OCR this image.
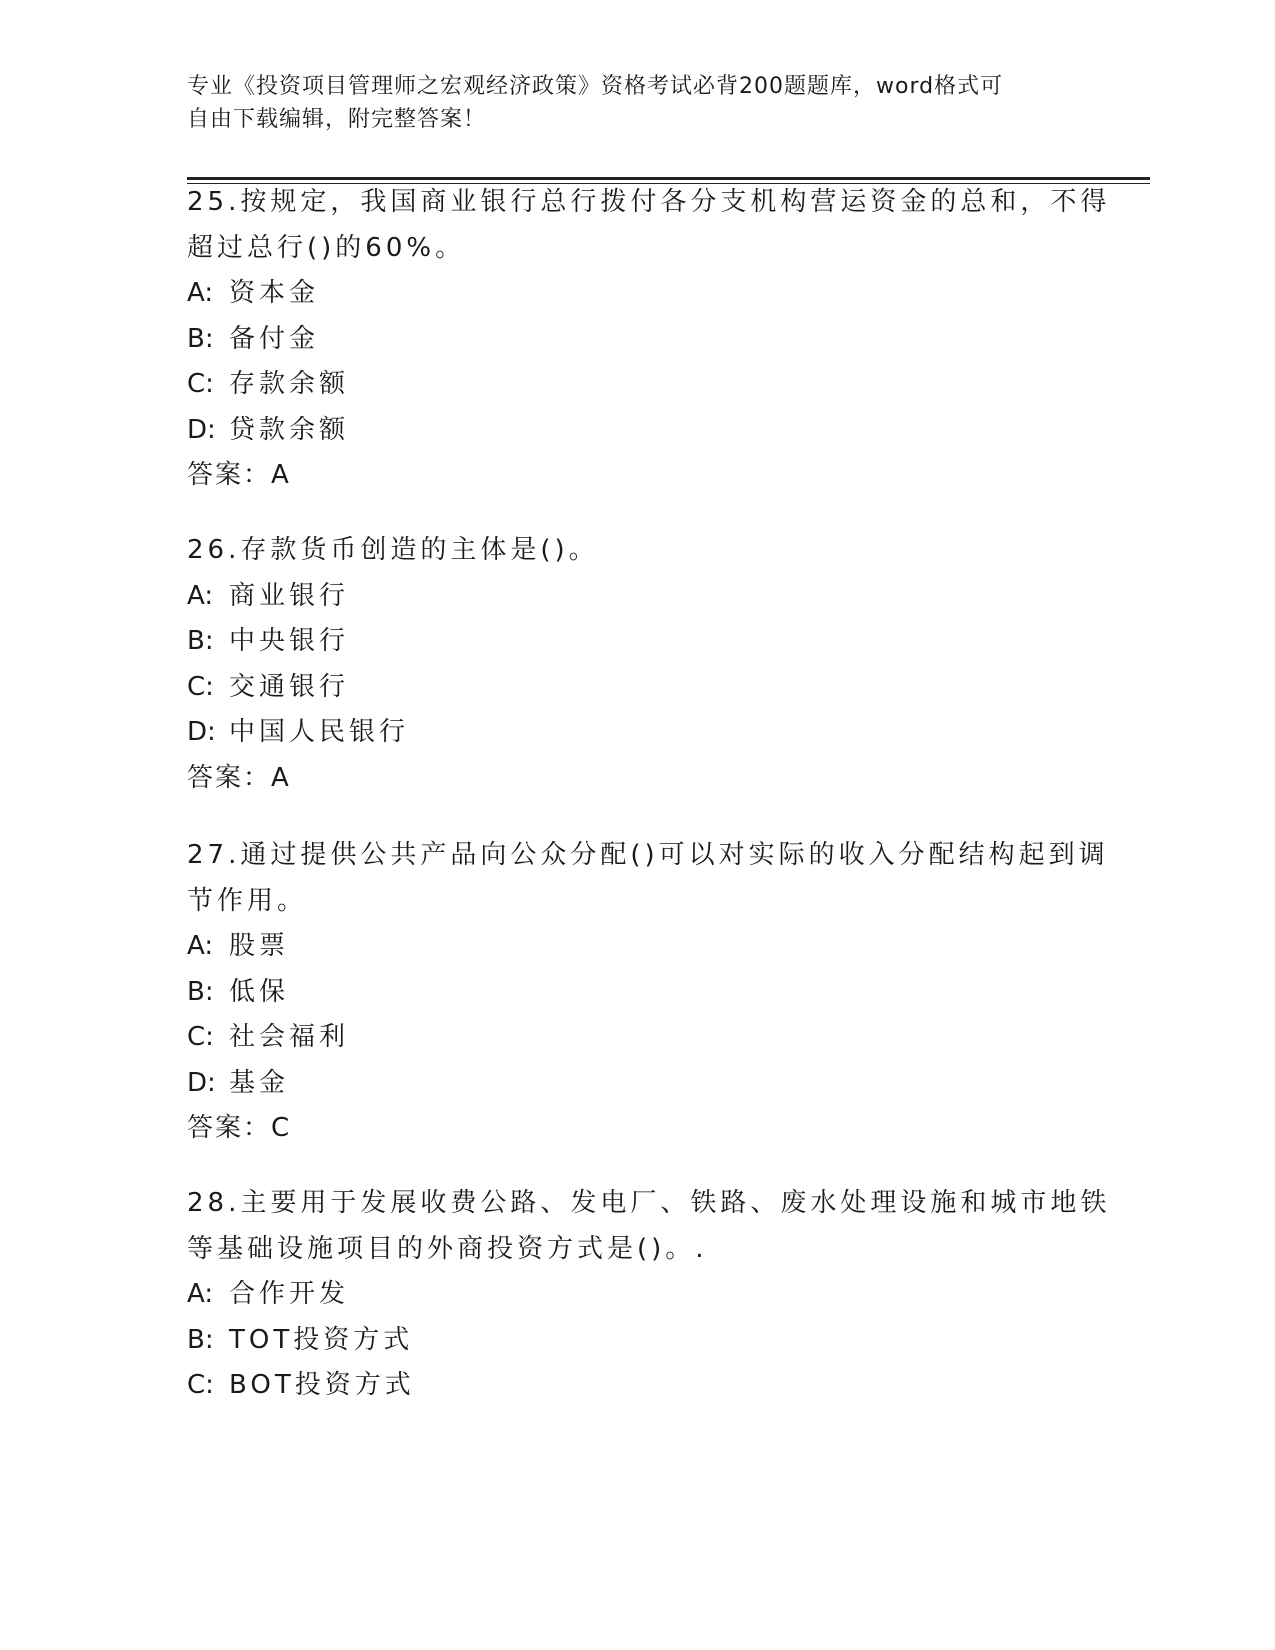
专业《投资项目管理师之宏观经济政策》资格考试必背200题题库，word格式可
自由下载编辑，附完整答案！
25.按规定，我国商业银行总行拨付各分支机构营运资金的总和，不得
超过总行()的60%。
A: 资本金
B: 备付金
C: 存款余额
D: 贷款余额
答案：A
26.存款货币创造的主体是()。
A: 商业银行
B: 中央银行
C: 交通银行
D: 中国人民银行
答案：A
27.通过提供公共产品向公众分配()可以对实际的收入分配结构起到调
节作用。
A: 股票
B: 低保
C: 社会福利
D: 基金
答案：C
28.主要用于发展收费公路、发电厂、铁路、废水处理设施和城市地铁
等基础设施项目的外商投资方式是()。.
A: 合作开发
B: TOT投资方式
C: BOT投资方式
